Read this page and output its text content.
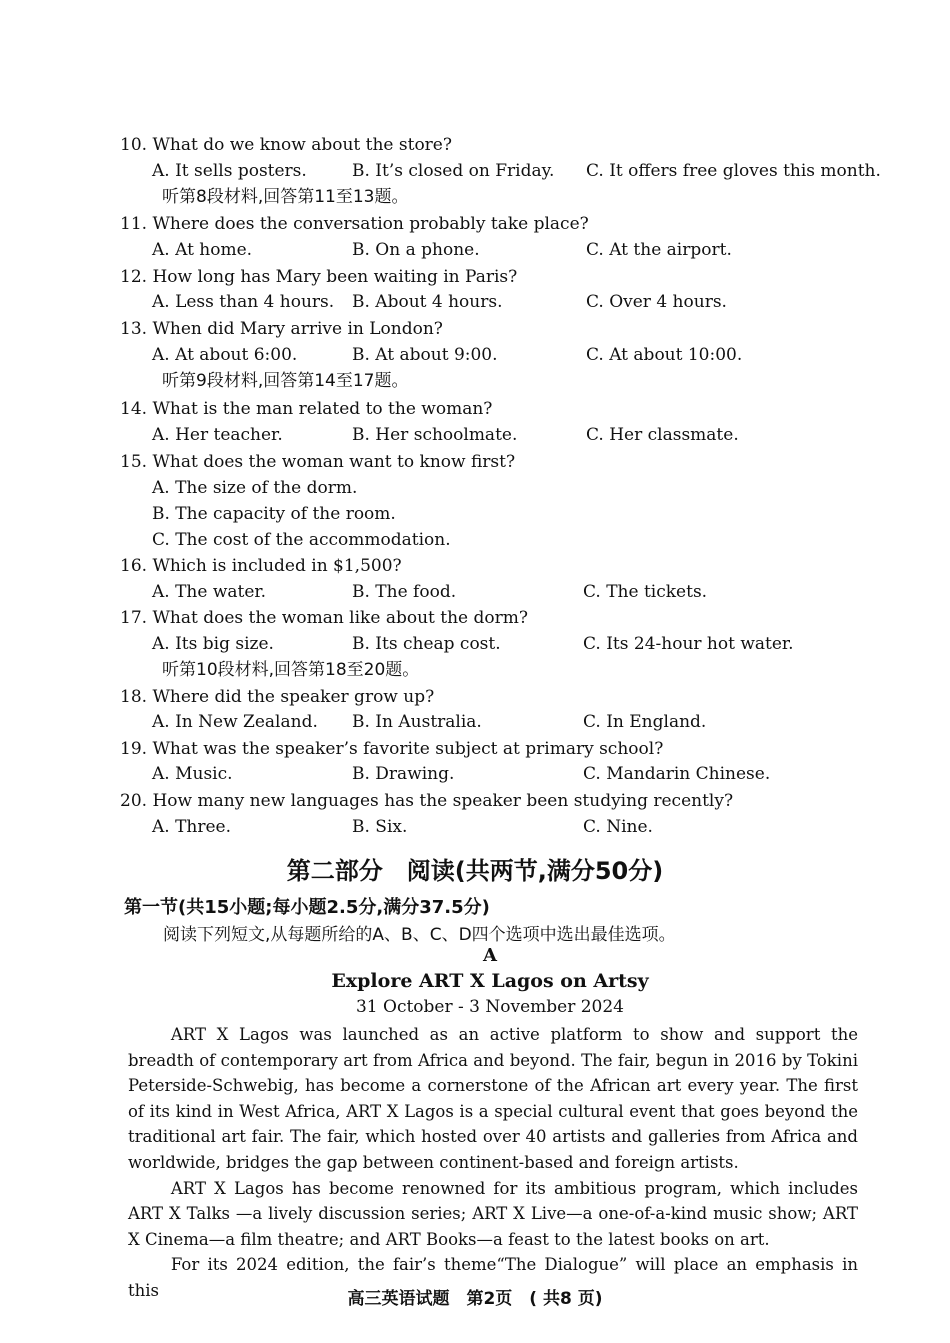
10. What do we know about the store?
A. It sells posters.	B. It’s closed on Friday. C. It offers free gloves this month.
听第8段材料,回答第11至13题。
11. Where does the conversation probably take place?
A. At home.	B. On a phone.	C. At the airport.
12. How long has Mary been waiting in Paris?
A. Less than 4 hours. B. About 4 hours.	C. Over 4 hours.
13. When did Mary arrive in London?
A. At about 6:00.	B. At about 9:00.	C. At about 10:00.
听第9段材料,回答第14至17题。
14. What is the man related to the woman?
A. Her teacher.	B. Her schoolmate.	C. Her classmate.
15. What does the woman want to know first?
A. The size of the dorm.
B. The capacity of the room.
C. The cost of the accommodation.
16. Which is included in $1,500?
A. The water.	B. The food.	C. The tickets.
17. What does the woman like about the dorm?
A. Its big size.	B. Its cheap cost.	C. Its 24-hour hot water.
听第10段材料,回答第18至20题。
18. Where did the speaker grow up?
A. In New Zealand. B. In Australia.	C. In England.
19. What was the speaker’s favorite subject at primary school?
A. Music.	B. Drawing.	C. Mandarin Chinese.
20. How many new languages has the speaker been studying recently?
A. Three.	B. Six.	C. Nine.
第二部分　阅读(共两节,满分50分)
第一节(共15小题;每小题2.5分,满分37.5分)
阅读下列短文,从每题所给的A、B、C、D四个选项中选出最佳选项。
A
Explore ART X Lagos on Artsy
31 October - 3 November 2024

ART X Lagos was launched as an active platform to show and support the breadth of contemporary art from Africa and beyond. The fair, begun in 2016 by Tokini Peterside-Schwebig, has become a cornerstone of the African art every year. The first of its kind in West Africa, ART X Lagos is a special cultural event that goes beyond the traditional art fair. The fair, which hosted over 40 artists and galleries from Africa and worldwide, bridges the gap between continent-based and foreign artists.

ART X Lagos has become renowned for its ambitious program, which includes ART X Talks —a lively discussion series; ART X Live—a one-of-a-kind music show; ART X Cinema—a film theatre; and ART Books—a feast to the latest books on art.

For its 2024 edition, the fair’s theme“The Dialogue” will place an emphasis in this	高三英语试题　第2页　( 共8 页)
